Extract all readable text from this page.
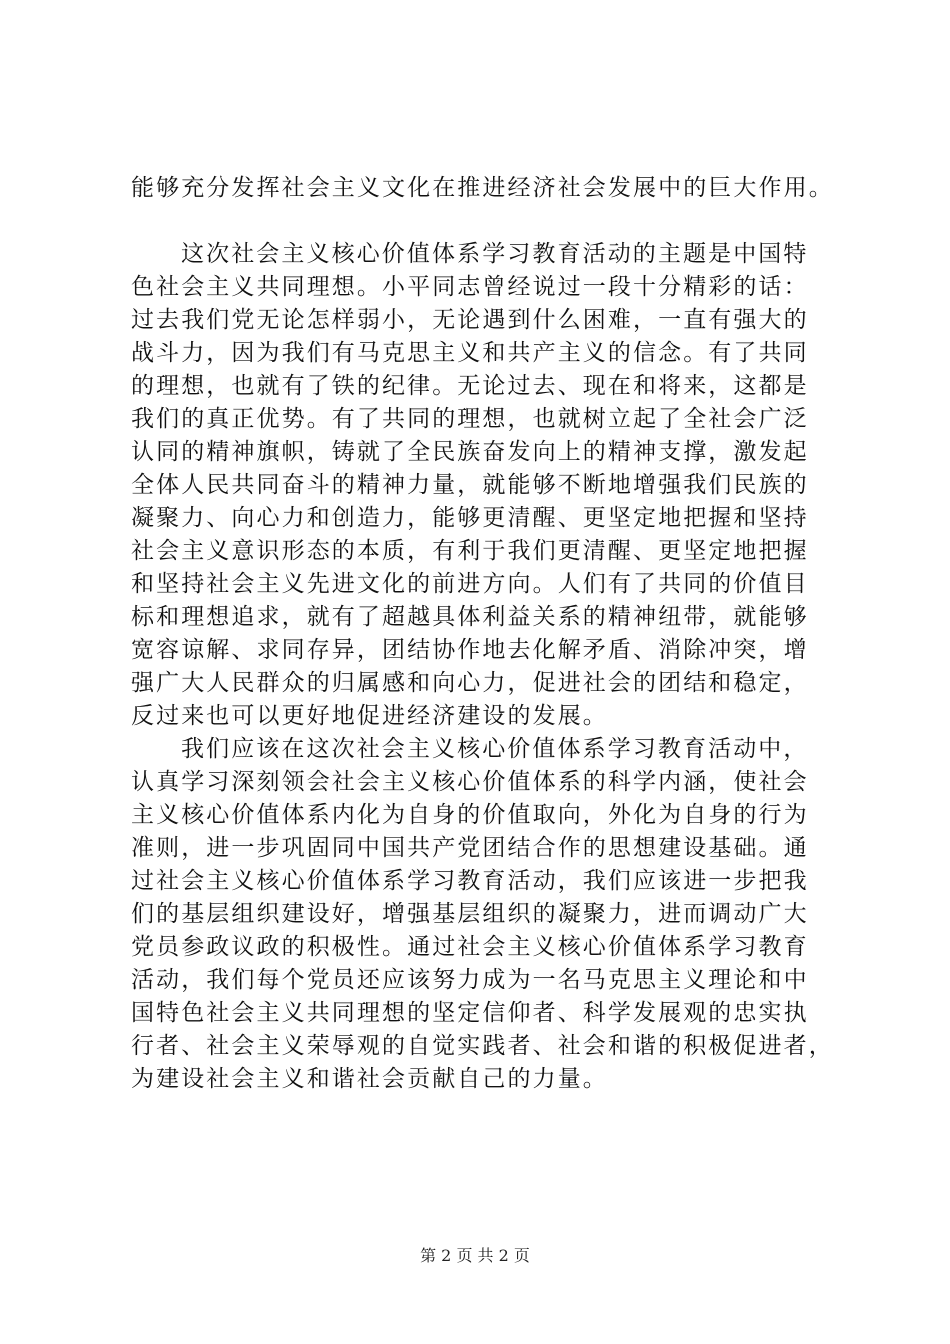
能够充分发挥社会主义文化在推进经济社会发展中的巨大作用。
这次社会主义核心价值体系学习教育活动的主题是中国特
色社会主义共同理想。小平同志曾经说过一段十分精彩的话：
过去我们党无论怎样弱小，无论遇到什么困难，一直有强大的
战斗力，因为我们有马克思主义和共产主义的信念。有了共同
的理想，也就有了铁的纪律。无论过去、现在和将来，这都是
我们的真正优势。有了共同的理想，也就树立起了全社会广泛
认同的精神旗帜，铸就了全民族奋发向上的精神支撑，激发起
全体人民共同奋斗的精神力量，就能够不断地增强我们民族的
凝聚力、向心力和创造力，能够更清醒、更坚定地把握和坚持
社会主义意识形态的本质，有利于我们更清醒、更坚定地把握
和坚持社会主义先进文化的前进方向。人们有了共同的价值目
标和理想追求，就有了超越具体利益关系的精神纽带，就能够
宽容谅解、求同存异，团结协作地去化解矛盾、消除冲突，增
强广大人民群众的归属感和向心力，促进社会的团结和稳定，
反过来也可以更好地促进经济建设的发展。
我们应该在这次社会主义核心价值体系学习教育活动中，
认真学习深刻领会社会主义核心价值体系的科学内涵，使社会
主义核心价值体系内化为自身的价值取向，外化为自身的行为
准则，进一步巩固同中国共产党团结合作的思想建设基础。通
过社会主义核心价值体系学习教育活动，我们应该进一步把我
们的基层组织建设好，增强基层组织的凝聚力，进而调动广大
党员参政议政的积极性。通过社会主义核心价值体系学习教育
活动，我们每个党员还应该努力成为一名马克思主义理论和中
国特色社会主义共同理想的坚定信仰者、科学发展观的忠实执
行者、社会主义荣辱观的自觉实践者、社会和谐的积极促进者，
为建设社会主义和谐社会贡献自己的力量。
第 2 页 共 2 页
